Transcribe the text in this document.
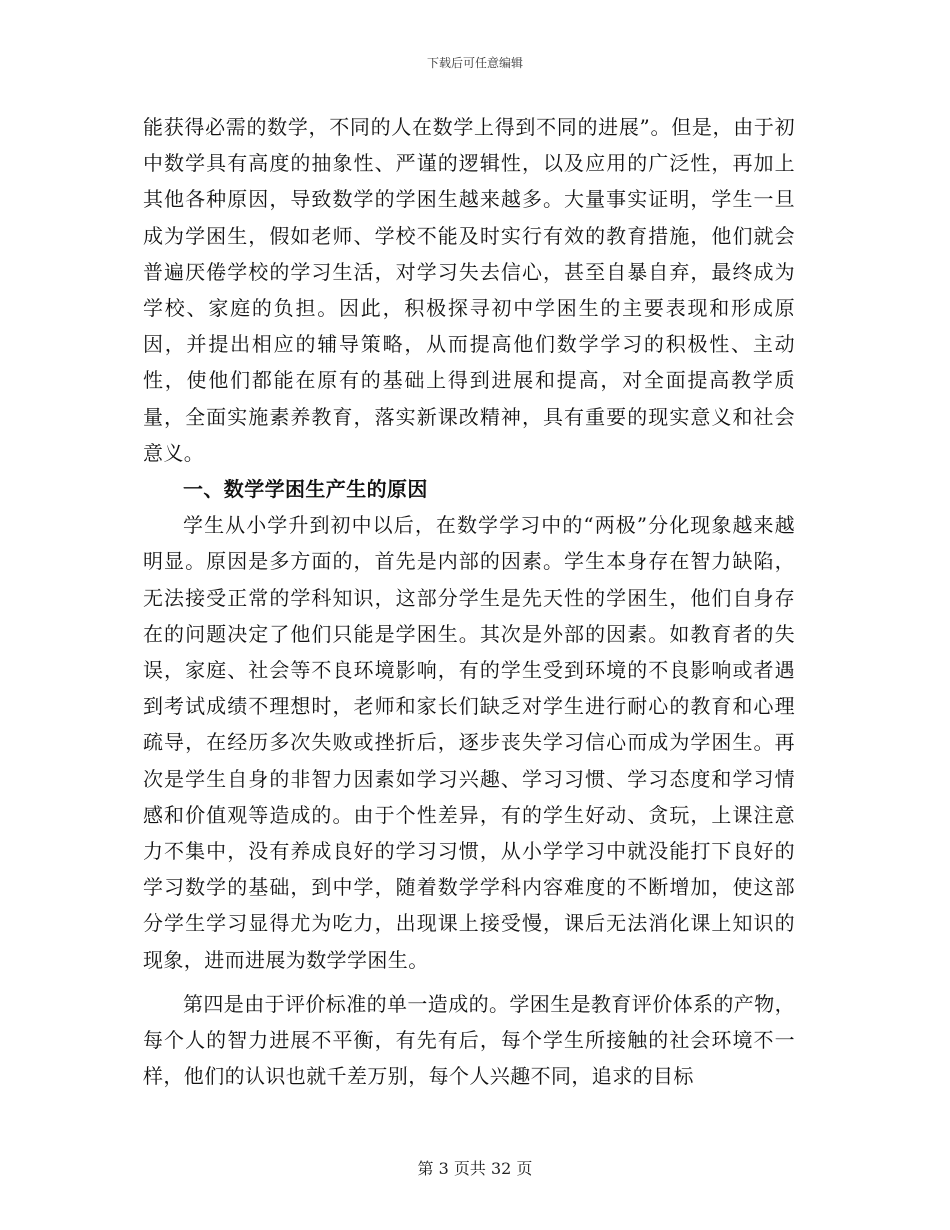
下载后可任意编辑

能获得必需的数学，不同的人在数学上得到不同的进展”。但是，由于初中数学具有高度的抽象性、严谨的逻辑性，以及应用的广泛性，再加上其他各种原因，导致数学的学困生越来越多。大量事实证明，学生一旦成为学困生，假如老师、学校不能及时实行有效的教育措施，他们就会普遍厌倦学校的学习生活，对学习失去信心，甚至自暴自弃，最终成为学校、家庭的负担。因此，积极探寻初中学困生的主要表现和形成原因，并提出相应的辅导策略，从而提高他们数学学习的积极性、主动性，使他们都能在原有的基础上得到进展和提高，对全面提高教学质量，全面实施素养教育，落实新课改精神，具有重要的现实意义和社会意义。

一、数学学困生产生的原因

学生从小学升到初中以后，在数学学习中的“两极”分化现象越来越明显。原因是多方面的，首先是内部的因素。学生本身存在智力缺陷，无法接受正常的学科知识，这部分学生是先天性的学困生，他们自身存在的问题决定了他们只能是学困生。其次是外部的因素。如教育者的失误，家庭、社会等不良环境影响，有的学生受到环境的不良影响或者遇到考试成绩不理想时，老师和家长们缺乏对学生进行耐心的教育和心理疏导，在经历多次失败或挫折后，逐步丧失学习信心而成为学困生。再次是学生自身的非智力因素如学习兴趣、学习习惯、学习态度和学习情感和价值观等造成的。由于个性差异，有的学生好动、贪玩，上课注意力不集中，没有养成良好的学习习惯，从小学学习中就没能打下良好的学习数学的基础，到中学，随着数学学科内容难度的不断增加，使这部分学生学习显得尤为吃力，出现课上接受慢，课后无法消化课上知识的现象，进而进展为数学学困生。

第四是由于评价标准的单一造成的。学困生是教育评价体系的产物，每个人的智力进展不平衡，有先有后，每个学生所接触的社会环境不一样，他们的认识也就千差万别，每个人兴趣不同，追求的目标

第 3 页共 32 页
